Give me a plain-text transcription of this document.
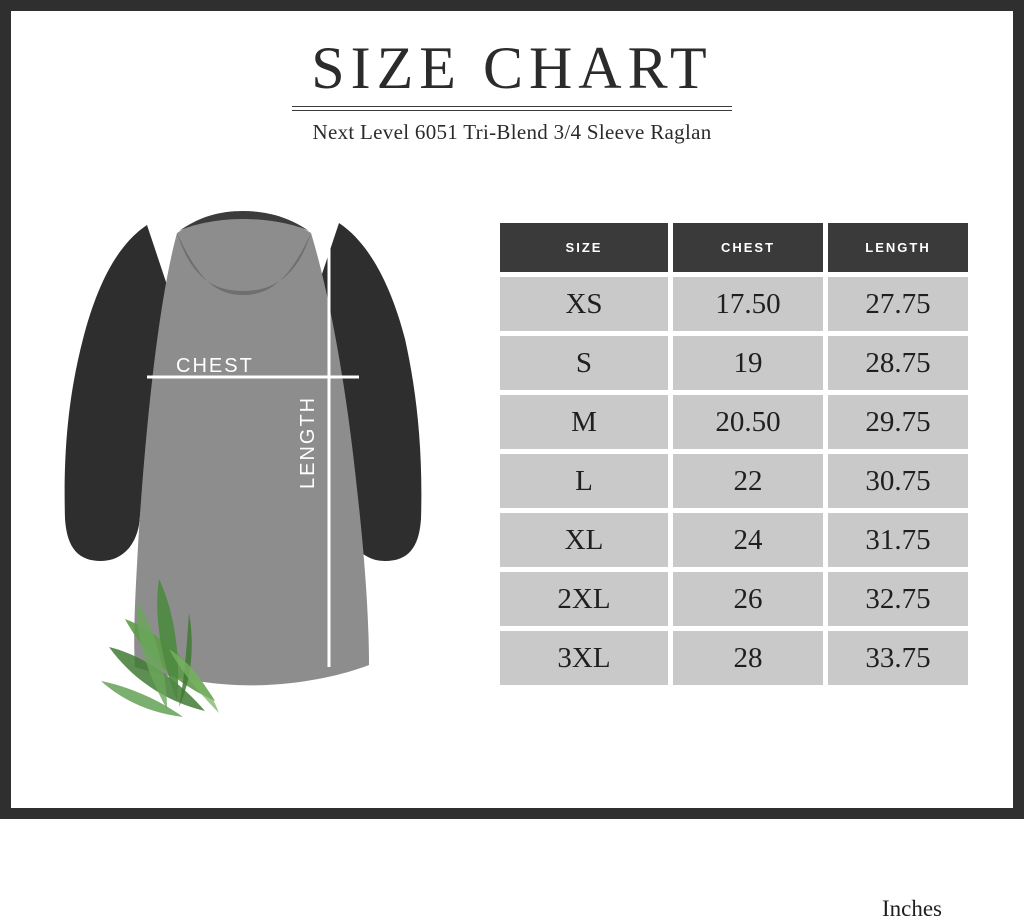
SIZE CHART
Next Level 6051 Tri-Blend 3/4 Sleeve Raglan
CHEST
LENGTH
SIZE	CHEST	LENGTH
XS	17.50	27.75
S	19	28.75
M	20.50	29.75
L	22	30.75
XL	24	31.75
2XL	26	32.75
3XL	28	33.75
Inches
